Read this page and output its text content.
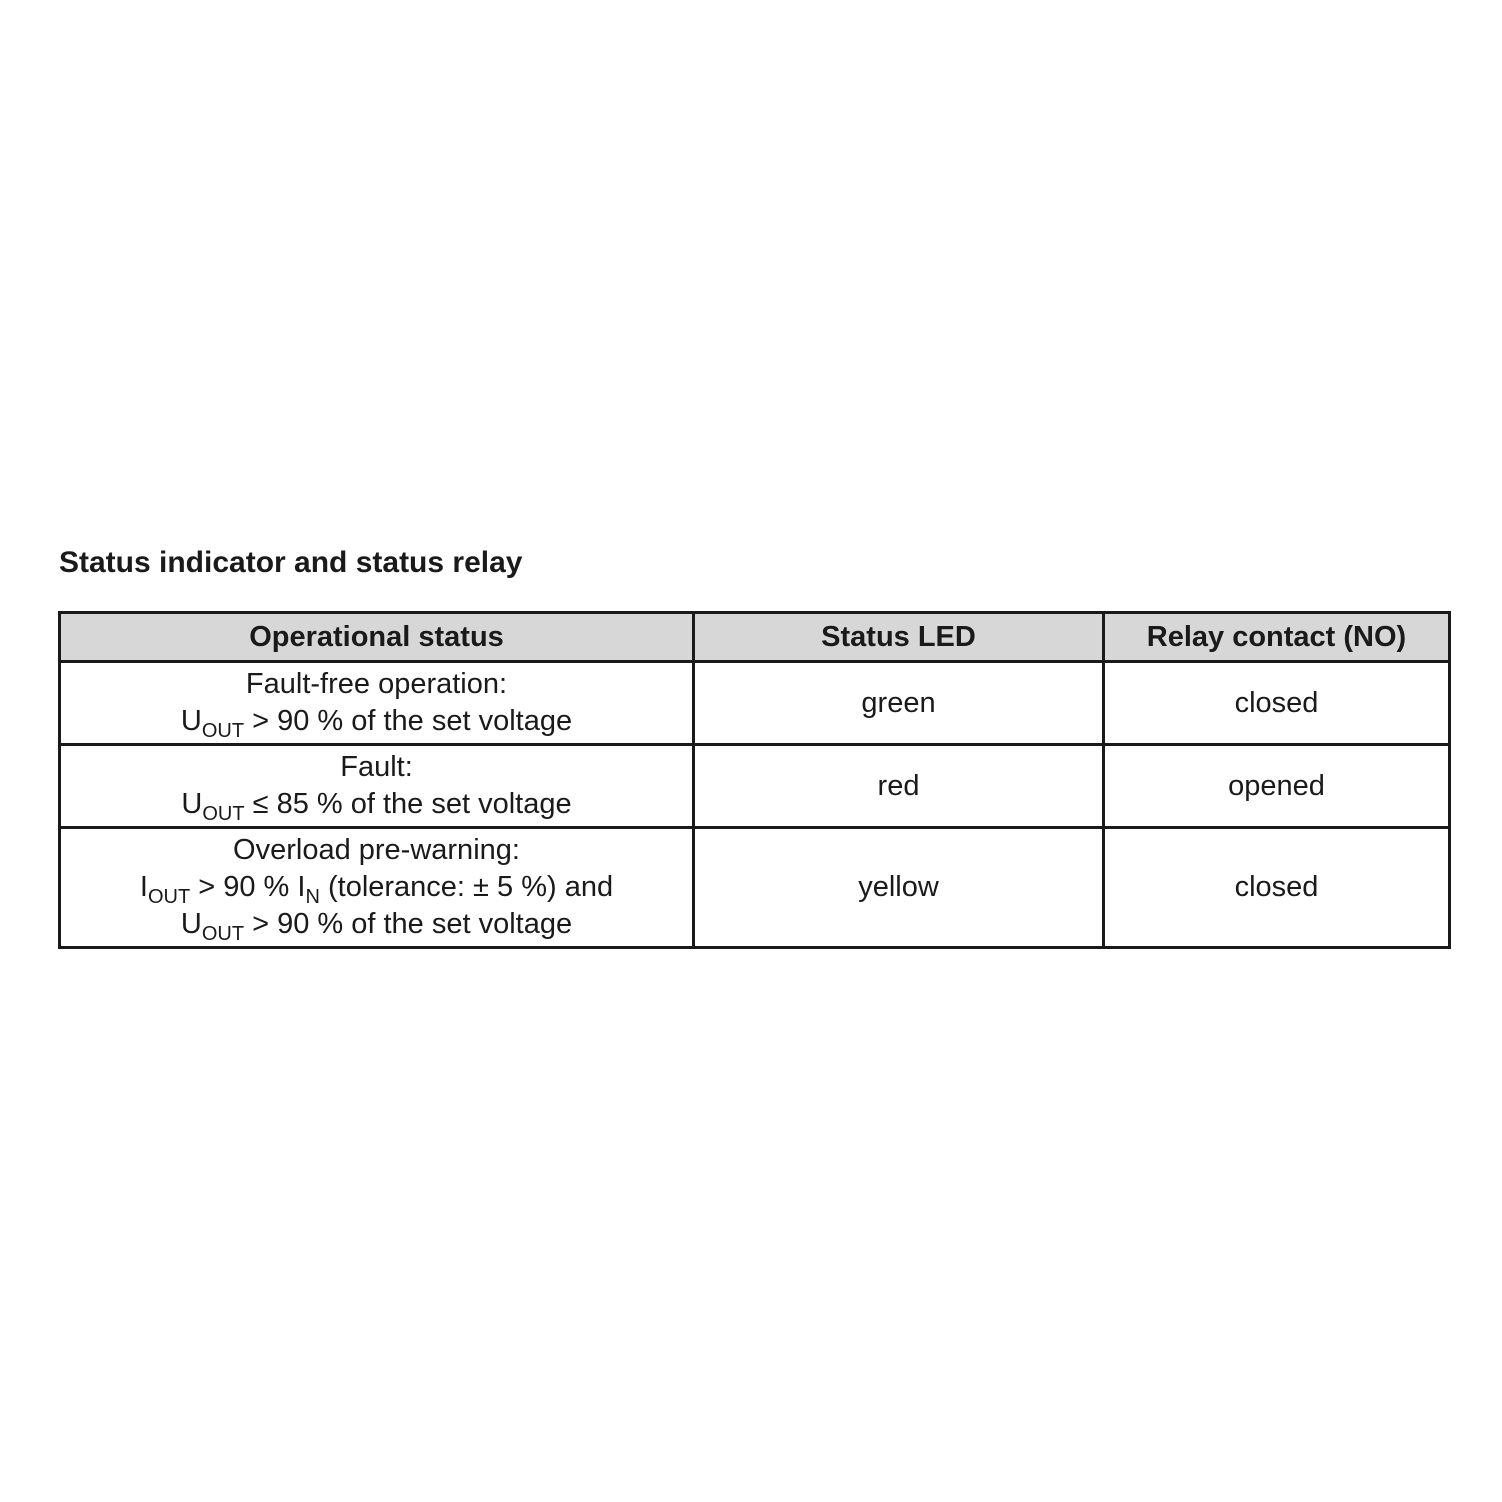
Status indicator and status relay
Operational status	Status LED	Relay contact (NO)

Fault-free operation:
$U_{OUT} > 90$ % of the set voltage	green	closed

Fault:
$U_{OUT} \le 85$ % of the set voltage	red	opened

Overload pre-warning:
$I_{OUT} > 90$ % $I_N$ (tolerance: ± 5 %) and
$U_{OUT} > 90$ % of the set voltage	yellow	closed
